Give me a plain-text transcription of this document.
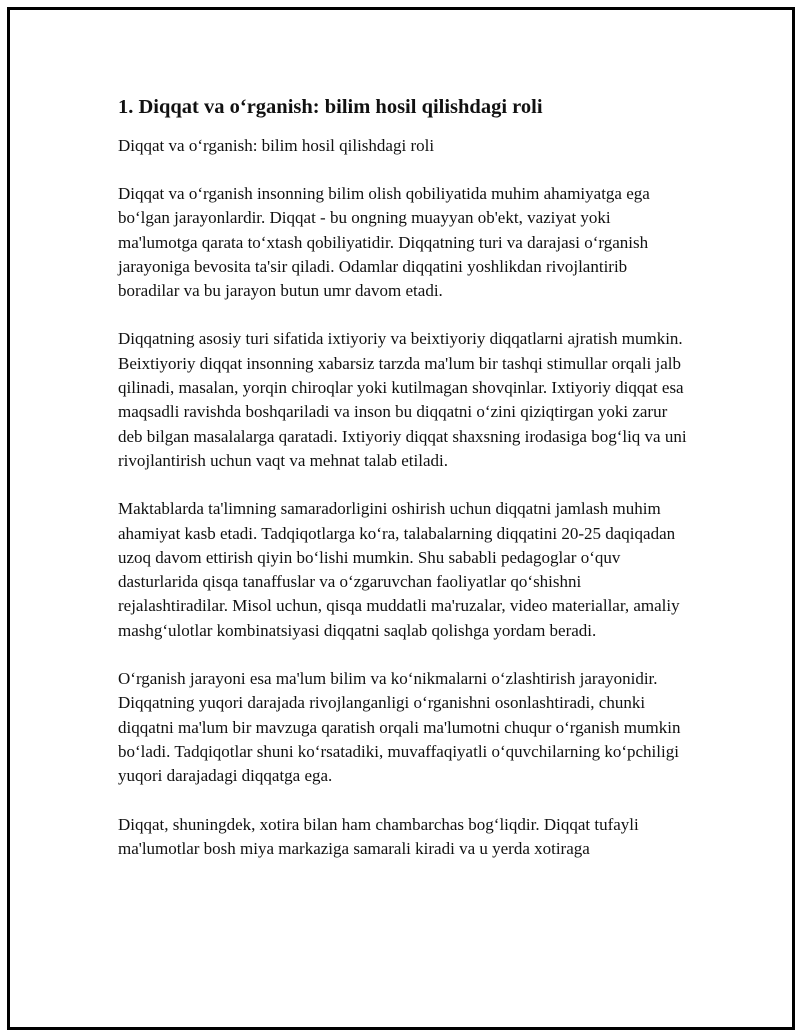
1. Diqqat va o‘rganish: bilim hosil qilishdagi roli

Diqqat va o‘rganish: bilim hosil qilishdagi roli

Diqqat va o‘rganish insonning bilim olish qobiliyatida muhim ahamiyatga ega bo‘lgan jarayonlardir. Diqqat - bu ongning muayyan ob'ekt, vaziyat yoki ma'lumotga qarata to‘xtash qobiliyatidir. Diqqatning turi va darajasi o‘rganish jarayoniga bevosita ta'sir qiladi. Odamlar diqqatini yoshlikdan rivojlantirib boradilar va bu jarayon butun umr davom etadi.

Diqqatning asosiy turi sifatida ixtiyoriy va beixtiyoriy diqqatlarni ajratish mumkin. Beixtiyoriy diqqat insonning xabarsiz tarzda ma'lum bir tashqi stimullar orqali jalb qilinadi, masalan, yorqin chiroqlar yoki kutilmagan shovqinlar. Ixtiyoriy diqqat esa maqsadli ravishda boshqariladi va inson bu diqqatni o‘zini qiziqtirgan yoki zarur deb bilgan masalalarga qaratadi. Ixtiyoriy diqqat shaxsning irodasiga bog‘liq va uni rivojlantirish uchun vaqt va mehnat talab etiladi.

Maktablarda ta'limning samaradorligini oshirish uchun diqqatni jamlash muhim ahamiyat kasb etadi. Tadqiqotlarga ko‘ra, talabalarning diqqatini 20-25 daqiqadan uzoq davom ettirish qiyin bo‘lishi mumkin. Shu sababli pedagoglar o‘quv dasturlarida qisqa tanaffuslar va o‘zgaruvchan faoliyatlar qo‘shishni rejalashtiradilar. Misol uchun, qisqa muddatli ma'ruzalar, video materiallar, amaliy mashg‘ulotlar kombinatsiyasi diqqatni saqlab qolishga yordam beradi.

O‘rganish jarayoni esa ma'lum bilim va ko‘nikmalarni o‘zlashtirish jarayonidir. Diqqatning yuqori darajada rivojlanganligi o‘rganishni osonlashtiradi, chunki diqqatni ma'lum bir mavzuga qaratish orqali ma'lumotni chuqur o‘rganish mumkin bo‘ladi. Tadqiqotlar shuni ko‘rsatadiki, muvaffaqiyatli o‘quvchilarning ko‘pchiligi yuqori darajadagi diqqatga ega.

Diqqat, shuningdek, xotira bilan ham chambarchas bog‘liqdir. Diqqat tufayli ma'lumotlar bosh miya markaziga samarali kiradi va u yerda xotiraga
